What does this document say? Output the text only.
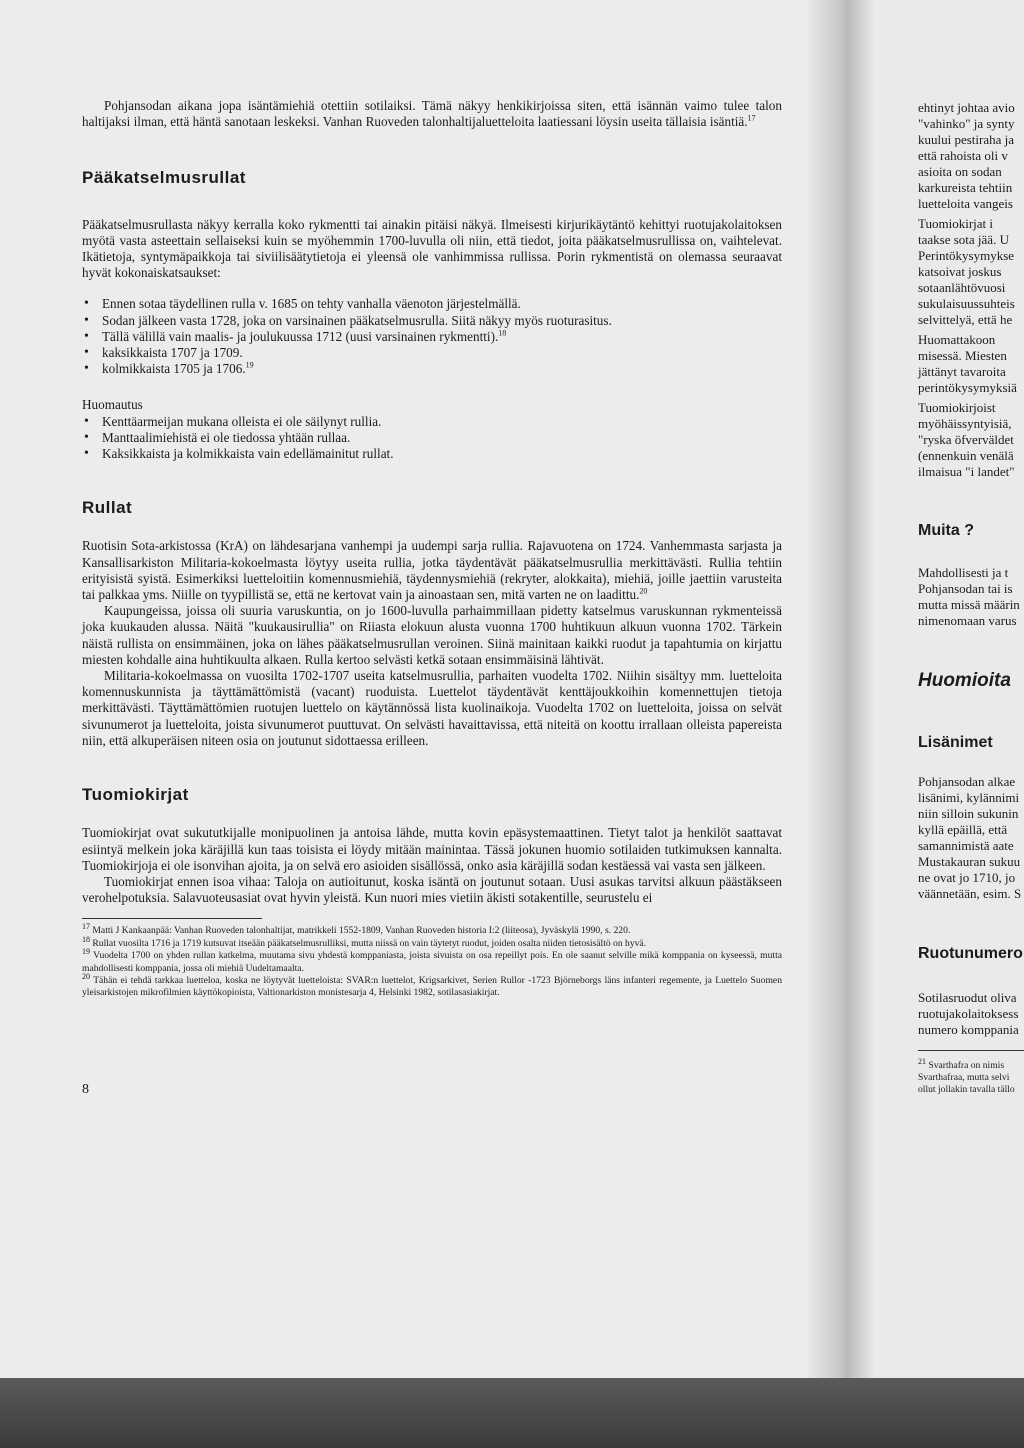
Pohjansodan aikana jopa isäntämiehiä otettiin sotilaiksi. Tämä näkyy henkikirjoissa siten, että isännän vaimo tulee talon haltijaksi ilman, että häntä sanotaan leskeksi. Vanhan Ruoveden talonhaltijaluetteloita laatiessani löysin useita tällaisia isäntiä.$^{17}$

Pääkatselmusrullat

Pääkatselmusrullasta näkyy kerralla koko rykmentti tai ainakin pitäisi näkyä. Ilmeisesti kirjurikäytäntö kehittyi ruotujakolaitoksen myötä vasta asteettain sellaiseksi kuin se myöhemmin 1700-luvulla oli niin, että tiedot, joita pääkatselmusrullissa on, vaihtelevat. Ikätietoja, syntymäpaikkoja tai siviilisäätytietoja ei yleensä ole vanhimmissa rullissa. Porin rykmentistä on olemassa seuraavat hyvät kokonaiskatsaukset:

• Ennen sotaa täydellinen rulla v. 1685 on tehty vanhalla väenoton järjestelmällä.
• Sodan jälkeen vasta 1728, joka on varsinainen pääkatselmusrulla. Siitä näkyy myös ruoturasitus.
• Tällä välillä vain maalis- ja joulukuussa 1712 (uusi varsinainen rykmentti).$^{18}$
• kaksikkaista 1707 ja 1709.
• kolmikkaista 1705 ja 1706.19

Huomautus

• Kenttäarmeijan mukana olleista ei ole säilynyt rullia.
• Manttaalimiehistä ei ole tiedossa yhtään rullaa.
• Kaksikkaista ja kolmikkaista vain edellämainitut rullat.
Rullat

Ruotisin Sota-arkistossa (KrA) on lähdesarjana vanhempi ja uudempi sarja rullia. Rajavuotena on 1724. Vanhemmasta sarjasta ja Kansallisarkiston Militaria-kokoelmasta löytyy useita rullia, jotka täydentävät pääkatselmusrullia merkittävästi. Rullia tehtiin erityisistä syistä. Esimerkiksi luetteloitiin komennusmiehiä, täydennysmiehiä (rekryter, alokkaita), miehiä, joille jaettiin varusteita tai palkkaa yms. Niille on tyypillistä se, että ne kertovat vain ja ainoastaan sen, mitä varten ne on laadittu.$^{20}$

Kaupungeissa, joissa oli suuria varuskuntia, on jo 1600-luvulla parhaimmillaan pidetty katselmus varuskunnan rykmenteissä joka kuukauden alussa. Näitä "kuukausirullia" on Riiasta elokuun alusta vuonna 1700 huhtikuun alkuun vuonna 1702. Tärkein näistä rullista on ensimmäinen, joka on lähes pääkatselmusrullan veroinen. Siinä mainitaan kaikki ruodut ja tapahtumia on kirjattu miesten kohdalle aina huhtikuulta alkaen. Rulla kertoo selvästi ketkä sotaan ensimmäisinä lähtivät.

Militaria-kokoelmassa on vuosilta 1702-1707 useita katselmusrullia, parhaiten vuodelta 1702. Niihin sisältyy mm. luetteloita komennuskunnista ja täyttämättömistä (vacant) ruoduista. Luettelot täydentävät kenttäjoukkoihin komennettujen tietoja merkittävästi. Täyttämättömien ruotujen luettelo on käytännössä lista kuolinaikoja. Vuodelta 1702 on luetteloita, joissa on selvät sivunumerot ja luetteloita, joista sivunumerot puuttuvat. On selvästi havaittavissa, että niteitä on koottu irrallaan olleista papereista niin, että alkuperäisen niteen osia on joutunut sidottaessa erilleen.

Tuomiokirjat

Tuomiokirjat ovat sukututkijalle monipuolinen ja antoisa lähde, mutta kovin epäsystemaattinen. Tietyt talot ja henkilöt saattavat esiintyä melkein joka käräjillä kun taas toisista ei löydy mitään mainintaa. Tässä jokunen huomio sotilaiden tutkimuksen kannalta. Tuomiokirjoja ei ole isonvihan ajoita, ja on selvä ero asioiden sisällössä, onko asia käräjillä sodan kestäessä vai vasta sen jälkeen.

Tuomiokirjat ennen isoa vihaa: Taloja on autioitunut, koska isäntä on joutunut sotaan. Uusi asukas tarvitsi alkuun päästäkseen verohelpotuksia. Salavuoteusasiat ovat hyvin yleistä. Kun nuori mies vietiin äkisti sotakentille, seurustelu ei

$^{17}$ Matti J Kankaanpää: Vanhan Ruoveden talonhaltijat, matrikkeli 1552-1809, Vanhan Ruoveden historia I:2 (liiteosa), Jyväskylä 1990, s. 220.

$^{18}$ Rullat vuosilta 1716 ja 1719 kutsuvat itseään pääkatselmusrulliksi, mutta niissä on vain täytetyt ruodut, joiden osalta niiden tietosisältö on hyvä.

$^{19}$ Vuodelta 1700 on yhden rullan katkelma, muutama sivu yhdestä komppaniasta, joista sivuista on osa repeillyt pois. En ole saanut selville mikä komppania on kyseessä, mutta mahdollisesti komppania, jossa oli miehiä Uudeltamaalta.

$^{20}$ Tähän ei tehdä tarkkaa luetteloa, koska ne löytyvät luetteloista: SVAR:n luettelot, Krigsarkivet, Serien Rullor -1723 Björneborgs läns infanteri regemente, ja Luettelo Suomen yleisarkistojen mikrofilmien käyttökopioista, Valtionarkiston monistesarja 4, Helsinki 1982, sotilasasiakirjat.

8

ehtinyt johtaa avio

"vahinko" ja synty

kuului pestiraha ja

että rahoista oli v

asioita on sodan

karkureista tehtiin

luetteloita vangeis

Tuomiokirjat i

taakse sota jää. U

Perintökysymykse

katsoivat joskus

sotaanlähtövuosi

sukulaisuussuhteis

selvittelyä, että he

Huomattakoon

misessä. Miesten

jättänyt tavaroita

perintökysymyksiä

Tuomiokirjoist

myöhäissyntyisiä,

"ryska öfverväldet

(ennenkuin venälä

ilmaisua "i landet"

Muita ?

Mahdollisesti ja t

Pohjansodan tai is

mutta missä määrin

nimenomaan varus

Huomioita
Lisänimet

Pohjansodan alkae

lisänimi, kylännimi

niin silloin sukunin

kyllä epäillä, että

samannimistä aate

Mustakauran sukuu

ne ovat jo 1710, jo

väännetään, esim. S

Ruotunumero

Sotilasruodut oliva

ruotujakolaitoksess

numero komppania

$^{21}$ Svarthafra on nimis

Svarthafraa, mutta selvi

ollut jollakin tavalla tällo
